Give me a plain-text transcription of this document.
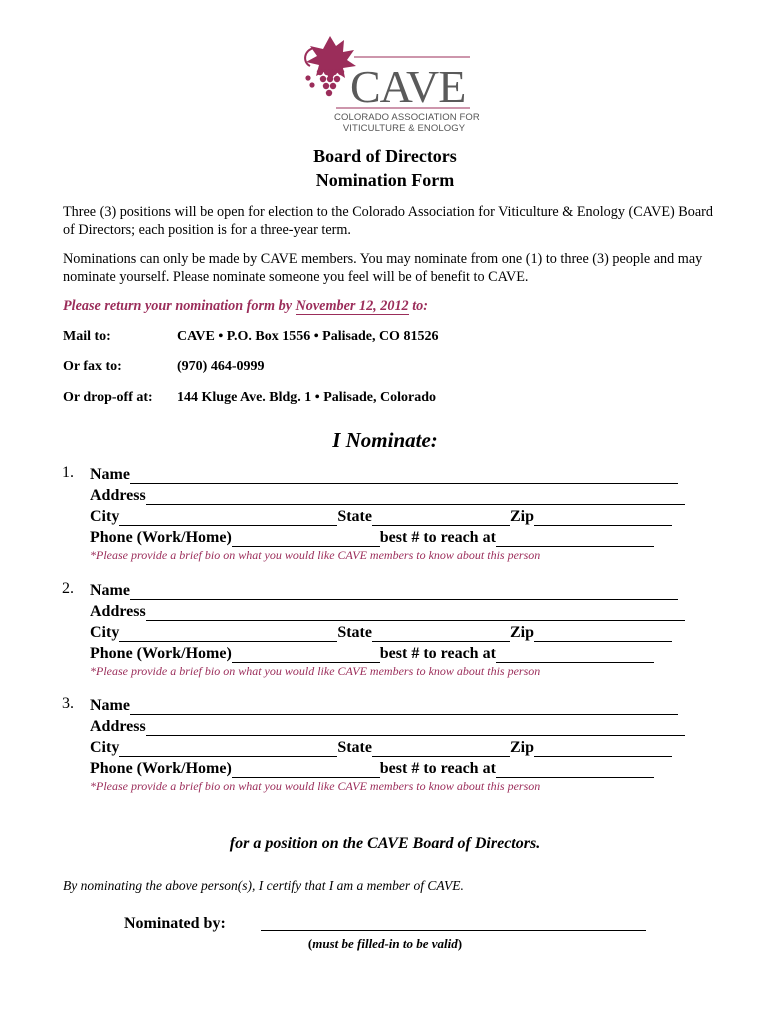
CAVE
COLORADO ASSOCIATION FOR
VITICULTURE & ENOLOGY
Board of Directors
Nomination Form
Three (3) positions will be open for election to the Colorado Association for Viticulture & Enology (CAVE) Board of Directors; each position is for a three-year term.
Nominations can only be made by CAVE members. You may nominate from one (1) to three (3) people and may nominate yourself. Please nominate someone you feel will be of benefit to CAVE.
Please return your nomination form by November 12, 2012 to:
Mail to:	CAVE • P.O. Box 1556 • Palisade, CO 81526
Or fax to:	(970) 464-0999
Or drop-off at: 144 Kluge Ave. Bldg. 1 • Palisade, Colorado
I Nominate:
1. Name
Address
City	State	Zip
Phone (Work/Home)	best # to reach at
*Please provide a brief bio on what you would like CAVE members to know about this person
2. Name
Address
City	State	Zip
Phone (Work/Home)	best # to reach at
*Please provide a brief bio on what you would like CAVE members to know about this person
3. Name
Address
City	State	Zip
Phone (Work/Home)	best # to reach at
*Please provide a brief bio on what you would like CAVE members to know about this person
for a position on the CAVE Board of Directors.
By nominating the above person(s), I certify that I am a member of CAVE.
Nominated by:
(must be filled-in to be valid)
